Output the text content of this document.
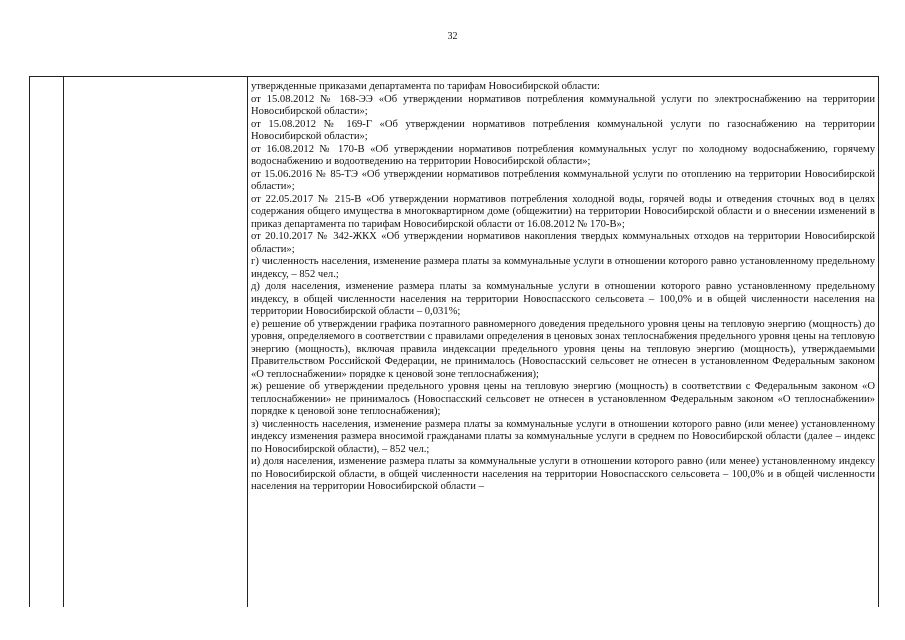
32

утвержденные приказами департамента по тарифам Новосибирской области:

от 15.08.2012 № 168-ЭЭ «Об утверждении нормативов потребления коммунальной услуги по электроснабжению на территории Новосибирской области»;

от 15.08.2012 № 169-Г «Об утверждении нормативов потребления коммунальной услуги по газоснабжению на территории Новосибирской области»;

от 16.08.2012 № 170-В «Об утверждении нормативов потребления коммунальных услуг по холодному водоснабжению, горячему водоснабжению и водоотведению на территории Новосибирской области»;

от 15.06.2016 № 85-ТЭ «Об утверждении нормативов потребления коммунальной услуги по отоплению на территории Новосибирской области»;

от 22.05.2017 № 215-В «Об утверждении нормативов потребления холодной воды, горячей воды и отведения сточных вод в целях содержания общего имущества в многоквартирном доме (общежитии) на территории Новосибирской области и о внесении изменений в приказ департамента по тарифам Новосибирской области от 16.08.2012 № 170-В»;

от 20.10.2017 № 342-ЖКХ «Об утверждении нормативов накопления твердых коммунальных отходов на территории Новосибирской области»;

г) численность населения, изменение размера платы за коммунальные услуги в отношении которого равно установленному предельному индексу, – 852 чел.;

д) доля населения, изменение размера платы за коммунальные услуги в отношении которого равно установленному предельному индексу, в общей численности населения на территории Новоспасского сельсовета – 100,0% и в общей численности населения на территории Новосибирской области – 0,031%;

е) решение об утверждении графика поэтапного равномерного доведения предельного уровня цены на тепловую энергию (мощность) до уровня, определяемого в соответствии с правилами определения в ценовых зонах теплоснабжения предельного уровня цены на тепловую энергию (мощность), включая правила индексации предельного уровня цены на тепловую энергию (мощность), утверждаемыми Правительством Российской Федерации, не принималось (Новоспасский сельсовет не отнесен в установленном Федеральным законом «О теплоснабжении» порядке к ценовой зоне теплоснабжения);

ж) решение об утверждении предельного уровня цены на тепловую энергию (мощность) в соответствии с Федеральным законом «О теплоснабжении» не принималось (Новоспасский сельсовет не отнесен в установленном Федеральным законом «О теплоснабжении» порядке к ценовой зоне теплоснабжения);

з) численность населения, изменение размера платы за коммунальные услуги в отношении которого равно (или менее) установленному индексу изменения размера вносимой гражданами платы за коммунальные услуги в среднем по Новосибирской области (далее – индекс по Новосибирской области), – 852 чел.;

и) доля населения, изменение размера платы за коммунальные услуги в отношении которого равно (или менее) установленному индексу по Новосибирской области, в общей численности населения на территории Новоспасского сельсовета – 100,0% и в общей численности населения на территории Новосибирской области –
